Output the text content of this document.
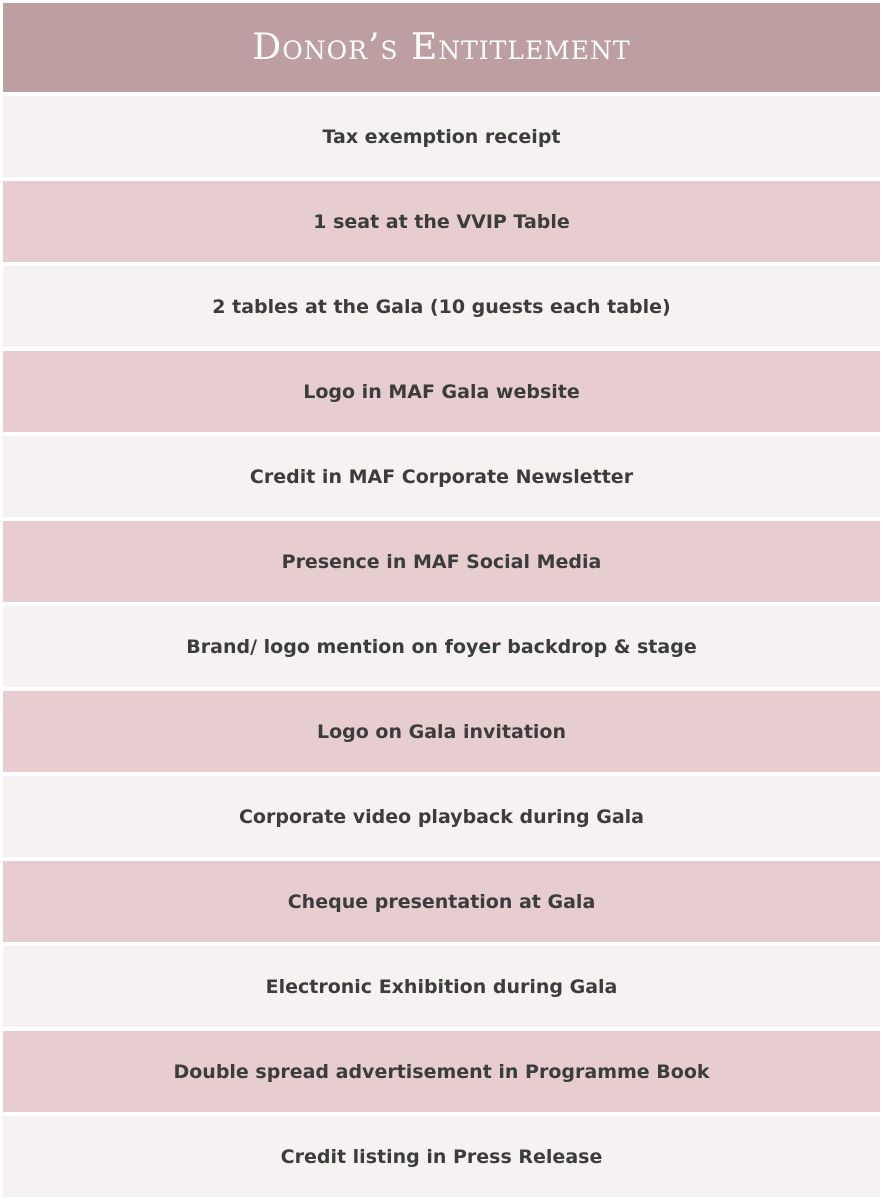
Donor’s Entitlement
Tax exemption receipt
1 seat at the VVIP Table
2 tables at the Gala (10 guests each table)
Logo in MAF Gala website
Credit in MAF Corporate Newsletter
Presence in MAF Social Media
Brand/ logo mention on foyer backdrop & stage
Logo on Gala invitation
Corporate video playback during Gala
Cheque presentation at Gala
Electronic Exhibition during Gala
Double spread advertisement in Programme Book
Credit listing in Press Release
